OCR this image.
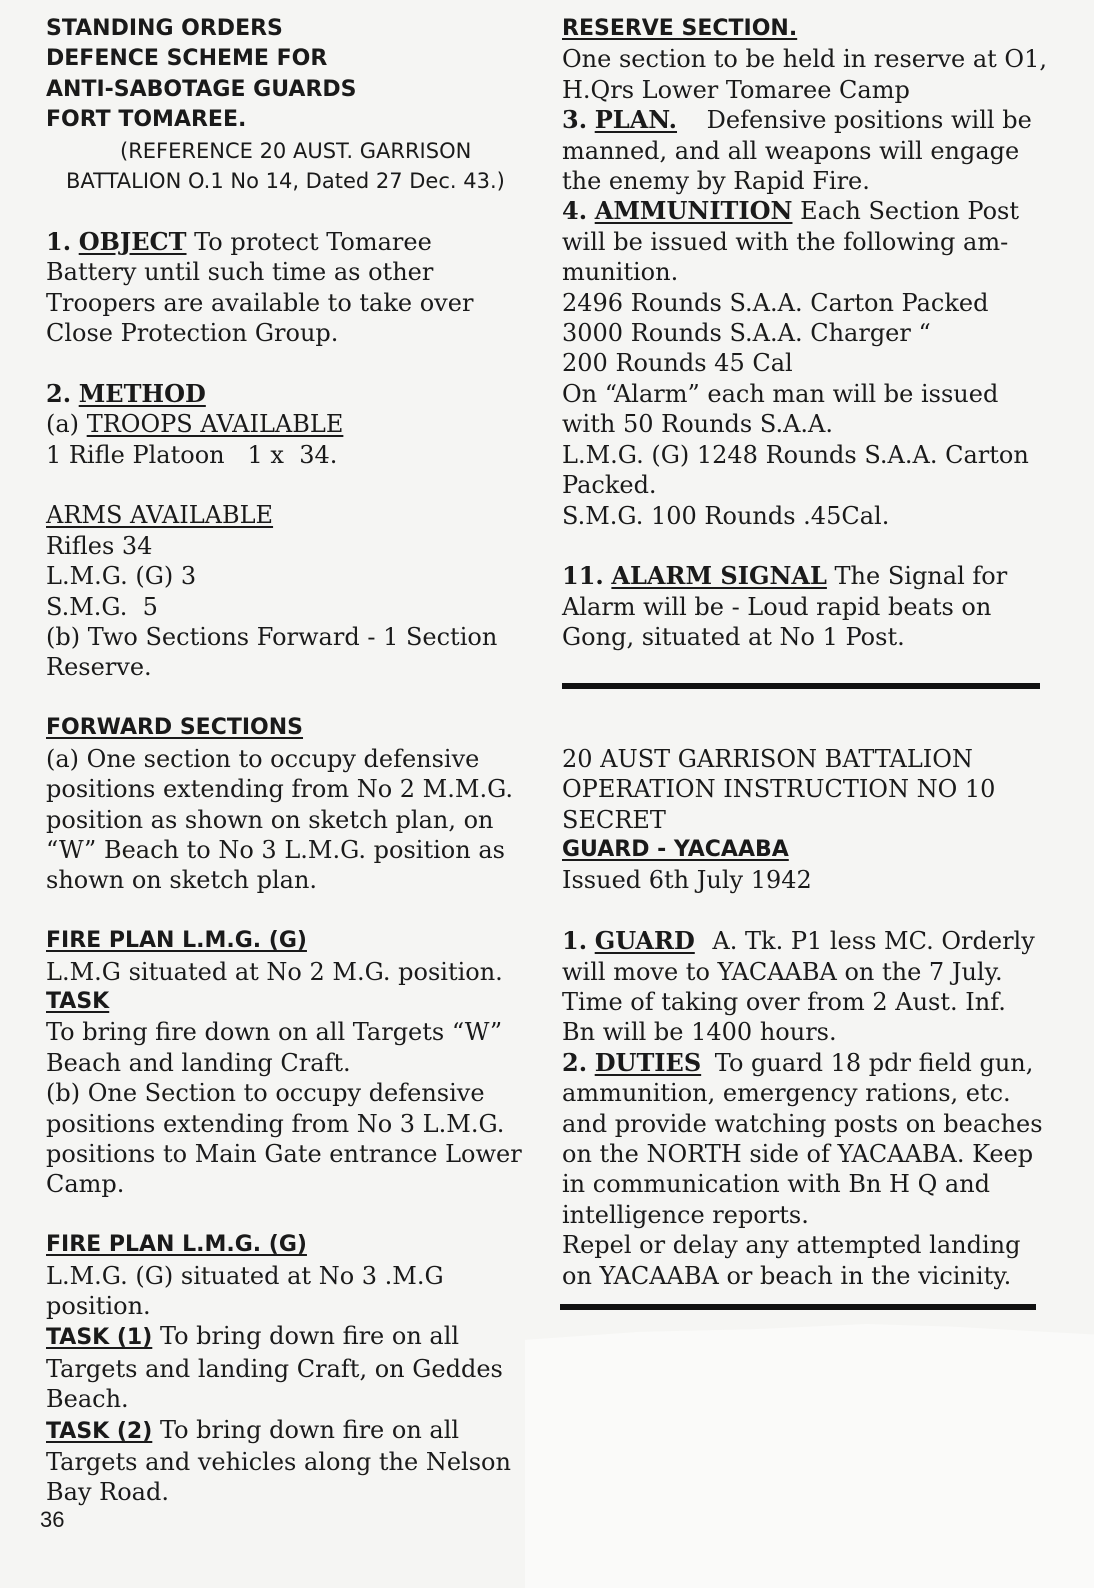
STANDING ORDERS
DEFENCE SCHEME FOR
ANTI-SABOTAGE GUARDS
FORT TOMAREE.
(REFERENCE 20 AUST. GARRISON
BATTALION O.1 No 14, Dated 27 Dec. 43.)
1. OBJECT To protect Tomaree
Battery until such time as other
Troopers are available to take over
Close Protection Group.
2. METHOD
(a) TROOPS AVAILABLE
1 Rifle Platoon   1 x  34.
ARMS AVAILABLE
Rifles 34
L.M.G. (G) 3
S.M.G.  5
(b) Two Sections Forward - 1 Section
Reserve.
FORWARD SECTIONS
(a) One section to occupy defensive
positions extending from No 2 M.M.G.
position as shown on sketch plan, on
“W” Beach to No 3 L.M.G. position as
shown on sketch plan.
FIRE PLAN L.M.G. (G)
L.M.G situated at No 2 M.G. position.
TASK
To bring fire down on all Targets “W”
Beach and landing Craft.
(b) One Section to occupy defensive
positions extending from No 3 L.M.G.
positions to Main Gate entrance Lower
Camp.
FIRE PLAN L.M.G. (G)
L.M.G. (G) situated at No 3 .M.G
position.
TASK (1) To bring down fire on all
Targets and landing Craft, on Geddes
Beach.
TASK (2) To bring down fire on all
Targets and vehicles along the Nelson
Bay Road.
RESERVE SECTION.
One section to be held in reserve at O1,
H.Qrs Lower Tomaree Camp
3. PLAN. Defensive positions will be
manned, and all weapons will engage
the enemy by Rapid Fire.
4. AMMUNITION Each Section Post
will be issued with the following am-
munition.
2496 Rounds S.A.A. Carton Packed
3000 Rounds S.A.A. Charger “
200 Rounds 45 Cal
On “Alarm” each man will be issued
with 50 Rounds S.A.A.
L.M.G. (G) 1248 Rounds S.A.A. Carton
Packed.
S.M.G. 100 Rounds .45Cal.
11. ALARM SIGNAL The Signal for
Alarm will be - Loud rapid beats on
Gong, situated at No 1 Post.
20 AUST GARRISON BATTALION
OPERATION INSTRUCTION NO 10
SECRET
GUARD - YACAABA
Issued 6th July 1942
1. GUARD A. Tk. P1 less MC. Orderly
will move to YACAABA on the 7 July.
Time of taking over from 2 Aust. Inf.
Bn will be 1400 hours.
2. DUTIES To guard 18 pdr field gun,
ammunition, emergency rations, etc.
and provide watching posts on beaches
on the NORTH side of YACAABA. Keep
in communication with Bn H Q and
intelligence reports.
Repel or delay any attempted landing
on YACAABA or beach in the vicinity.
36
